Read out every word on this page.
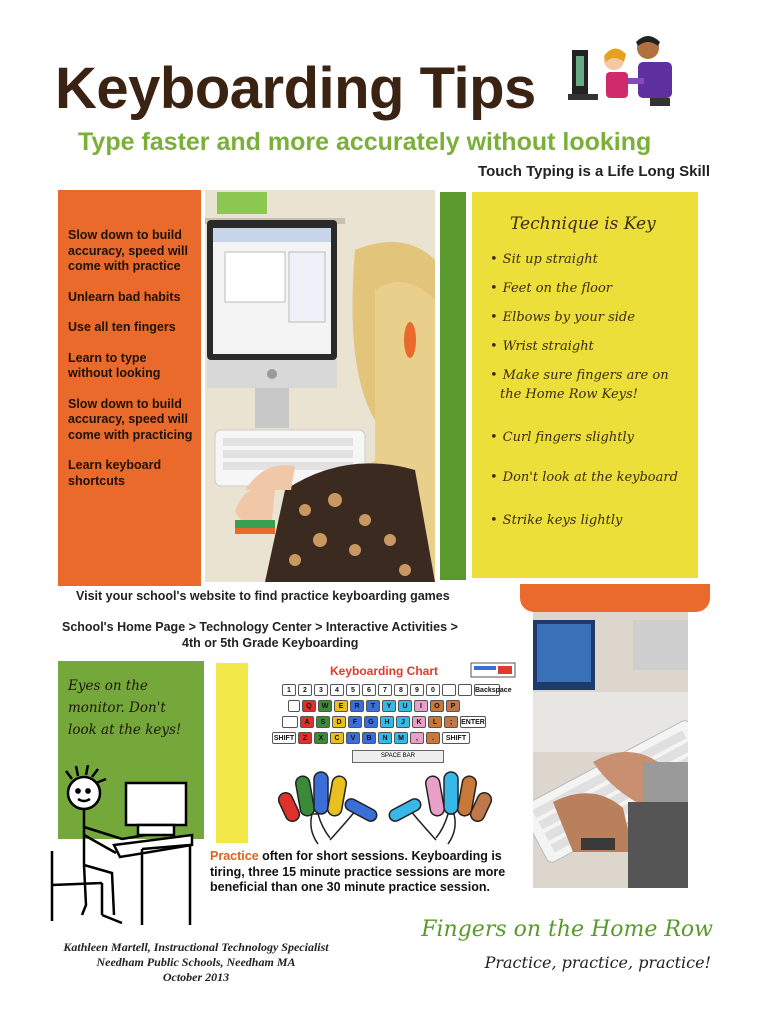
Keyboarding Tips
Type faster and more accurately without looking
Touch Typing is a Life Long Skill
Slow down to build accuracy, speed will come with practice
Unlearn bad habits
Use all ten fingers
Learn to type without looking
Slow down to build accuracy, speed will come with practicing
Learn keyboard shortcuts
Technique is Key
• Sit up straight
• Feet on the floor
• Elbows by your side
• Wrist straight
• Make sure fingers are on the Home Row Keys!
• Curl fingers slightly
• Don't look at the keyboard
• Strike keys lightly
Visit your school's website to find practice keyboarding games
School's Home Page > Technology Center > Interactive Activities >
4th or 5th Grade Keyboarding

Eyes on the monitor. Don't look at the keys!

Keyboarding Chart
1	2	3	4	5	6	7	8	9	0	Backspace
Q	W	E	R	T	Y	U	I	O	P
A	S	D	F	G	H	J	K	L	;	ENTER
SHIFT	Z	X	C	V	B	N	M	,	.	SHIFT
SPACE BAR
Practice often for short sessions. Keyboarding is tiring, three 15 minute practice sessions are more beneficial than one 30 minute practice session.
Fingers on the Home Row
Practice, practice, practice!
Kathleen Martell, Instructional Technology Specialist
Needham Public Schools, Needham MA
October 2013
